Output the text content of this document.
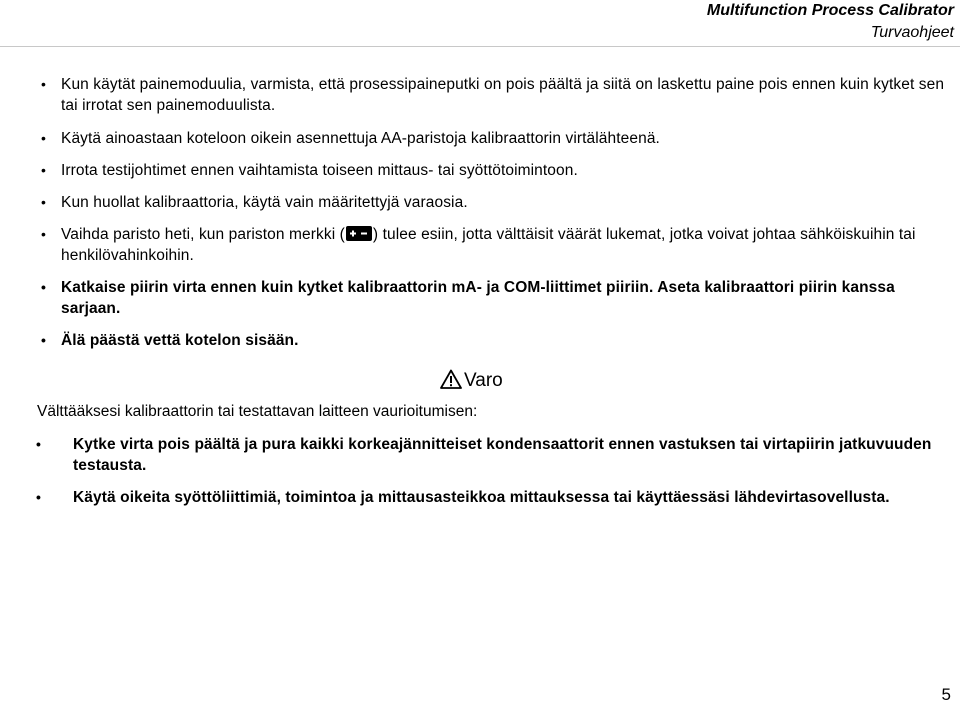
Multifunction Process Calibrator
Turvaohjeet
• Kun käytät painemoduulia, varmista, että prosessipaineputki on pois päältä ja siitä on laskettu paine pois ennen kuin kytket sen tai irrotat sen painemoduulista.
• Käytä ainoastaan koteloon oikein asennettuja AA-paristoja kalibraattorin virtälähteenä.
• Irrota testijohtimet ennen vaihtamista toiseen mittaus- tai syöttötoimintoon.
• Kun huollat kalibraattoria, käytä vain määritettyjä varaosia.
• Vaihda paristo heti, kun pariston merkki ( ) tulee esiin, jotta välttäisit väärät lukemat, jotka voivat johtaa sähköiskuihin tai henkilövahinkoihin.
• Katkaise piirin virta ennen kuin kytket kalibraattorin mA- ja COM-liittimet piiriin. Aseta kalibraattori piirin kanssa sarjaan.
• Älä päästä vettä kotelon sisään.
Varo
Välttääksesi kalibraattorin tai testattavan laitteen vaurioitumisen:
• Kytke virta pois päältä ja pura kaikki korkeajännitteiset kondensaattorit ennen vastuksen tai virtapiirin jatkuvuuden testausta.
• Käytä oikeita syöttöliittimiä, toimintoa ja mittausasteikkoa mittauksessa tai käyttäessäsi lähdevirtasovellusta.
5
